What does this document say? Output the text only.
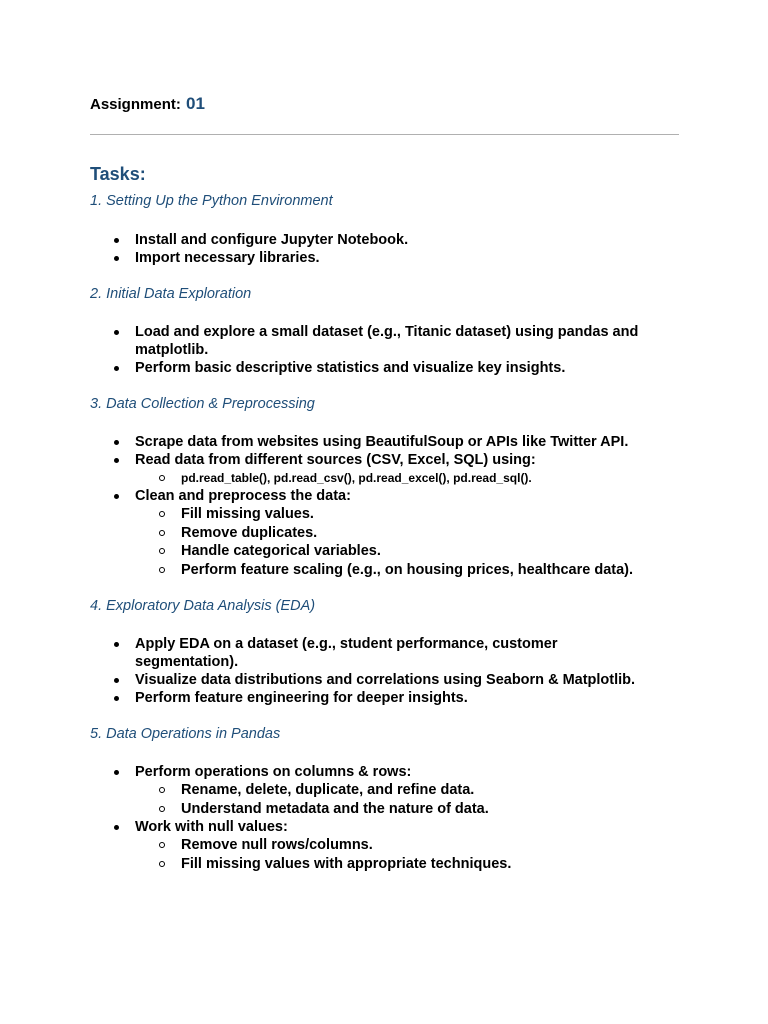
Assignment: 01
Tasks:
1. Setting Up the Python Environment
Install and configure Jupyter Notebook.
Import necessary libraries.
2. Initial Data Exploration
Load and explore a small dataset (e.g., Titanic dataset) using pandas and
matplotlib.
Perform basic descriptive statistics and visualize key insights.
3. Data Collection & Preprocessing
Scrape data from websites using BeautifulSoup or APIs like Twitter API.
Read data from different sources (CSV, Excel, SQL) using:
pd.read_table(), pd.read_csv(), pd.read_excel(), pd.read_sql().
Clean and preprocess the data:
Fill missing values.
Remove duplicates.
Handle categorical variables.
Perform feature scaling (e.g., on housing prices, healthcare data).
4. Exploratory Data Analysis (EDA)
Apply EDA on a dataset (e.g., student performance, customer
segmentation).
Visualize data distributions and correlations using Seaborn & Matplotlib.
Perform feature engineering for deeper insights.
5. Data Operations in Pandas
Perform operations on columns & rows:
Rename, delete, duplicate, and refine data.
Understand metadata and the nature of data.
Work with null values:
Remove null rows/columns.
Fill missing values with appropriate techniques.
